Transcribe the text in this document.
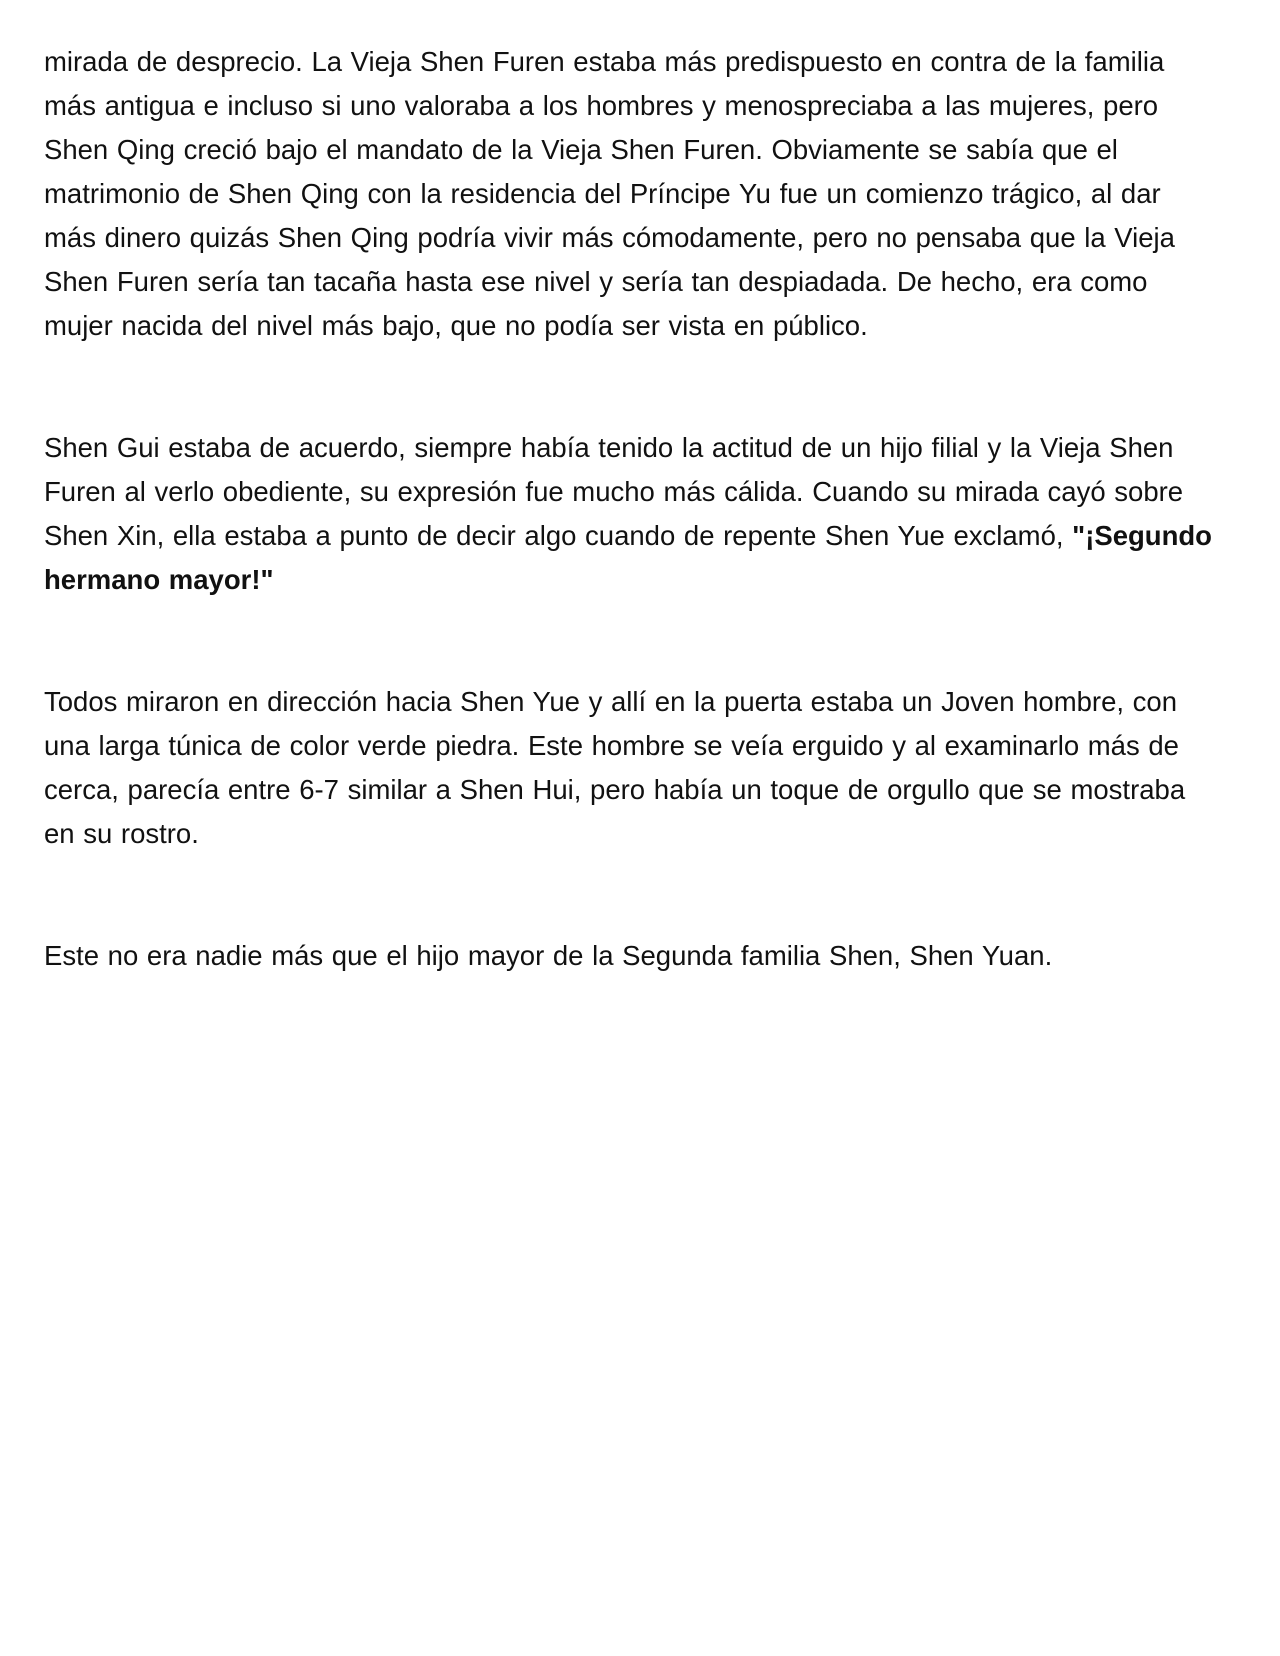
mirada de desprecio. La Vieja Shen Furen estaba más predispuesto en contra de la familia más antigua e incluso si uno valoraba a los hombres y menospreciaba a las mujeres, pero Shen Qing creció bajo el mandato de la Vieja Shen Furen. Obviamente se sabía que el matrimonio de Shen Qing con la residencia del Príncipe Yu fue un comienzo trágico, al dar más dinero quizás Shen Qing podría vivir más cómodamente, pero no pensaba que la Vieja Shen Furen sería tan tacaña hasta ese nivel y sería tan despiadada. De hecho, era como mujer nacida del nivel más bajo, que no podía ser vista en público.

Shen Gui estaba de acuerdo, siempre había tenido la actitud de un hijo filial y la Vieja Shen Furen al verlo obediente, su expresión fue mucho más cálida. Cuando su mirada cayó sobre Shen Xin, ella estaba a punto de decir algo cuando de repente Shen Yue exclamó, "¡Segundo hermano mayor!"

Todos miraron en dirección hacia Shen Yue y allí en la puerta estaba un Joven hombre, con una larga túnica de color verde piedra. Este hombre se veía erguido y al examinarlo más de cerca, parecía entre 6-7 similar a Shen Hui, pero había un toque de orgullo que se mostraba en su rostro.

Este no era nadie más que el hijo mayor de la Segunda familia Shen, Shen Yuan.
